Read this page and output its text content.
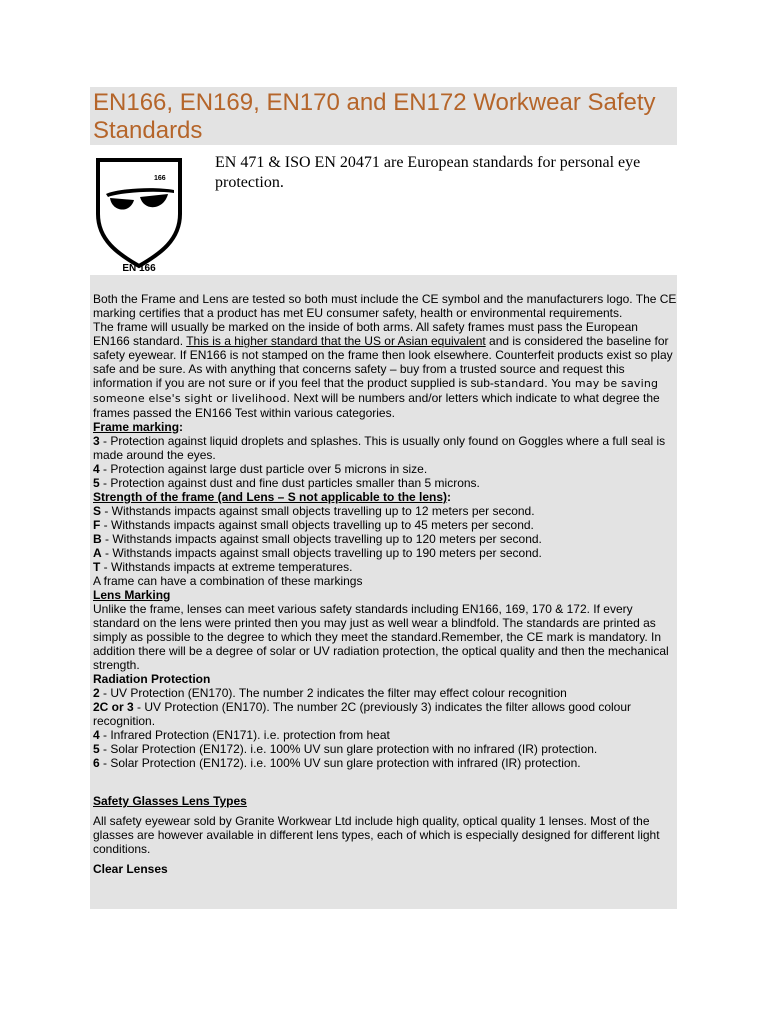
EN166, EN169, EN170 and EN172 Workwear Safety Standards
166
EN 166

EN 471 & ISO EN 20471 are European standards for personal eye protection.

Both the Frame and Lens are tested so both must include the CE symbol and the manufacturers logo. The CE marking certifies that a product has met EU consumer safety, health or environmental requirements.

The frame will usually be marked on the inside of both arms. All safety frames must pass the European EN166 standard. This is a higher standard that the US or Asian equivalent and is considered the baseline for safety eyewear. If EN166 is not stamped on the frame then look elsewhere. Counterfeit products exist so play safe and be sure. As with anything that concerns safety – buy from a trusted source and request this information if you are not sure or if you feel that the product supplied is sub-standard. You may be saving someone else's sight or livelihood. Next will be numbers and/or letters which indicate to what degree the frames passed the EN166 Test within various categories.

Frame marking:

3 - Protection against liquid droplets and splashes. This is usually only found on Goggles where a full seal is made around the eyes.

4 - Protection against large dust particle over 5 microns in size.

5 - Protection against dust and fine dust particles smaller than 5 microns.

Strength of the frame (and Lens – S not applicable to the lens):

S - Withstands impacts against small objects travelling up to 12 meters per second.

F - Withstands impacts against small objects travelling up to 45 meters per second.

B - Withstands impacts against small objects travelling up to 120 meters per second.

A - Withstands impacts against small objects travelling up to 190 meters per second.

T - Withstands impacts at extreme temperatures.

A frame can have a combination of these markings

Lens Marking

Unlike the frame, lenses can meet various safety standards including EN166, 169, 170 & 172. If every standard on the lens were printed then you may just as well wear a blindfold. The standards are printed as simply as possible to the degree to which they meet the standard.Remember, the CE mark is mandatory. In addition there will be a degree of solar or UV radiation protection, the optical quality and then the mechanical strength.

Radiation Protection

2 - UV Protection (EN170). The number 2 indicates the filter may effect colour recognition

2C or 3 - UV Protection (EN170). The number 2C (previously 3) indicates the filter allows good colour recognition.

4 - Infrared Protection (EN171). i.e. protection from heat

5 - Solar Protection (EN172). i.e. 100% UV sun glare protection with no infrared (IR) protection.

6 - Solar Protection (EN172). i.e. 100% UV sun glare protection with infrared (IR) protection.

Safety Glasses Lens Types

All safety eyewear sold by Granite Workwear Ltd include high quality, optical quality 1 lenses. Most of the glasses are however available in different lens types, each of which is especially designed for different light conditions.

Clear Lenses
